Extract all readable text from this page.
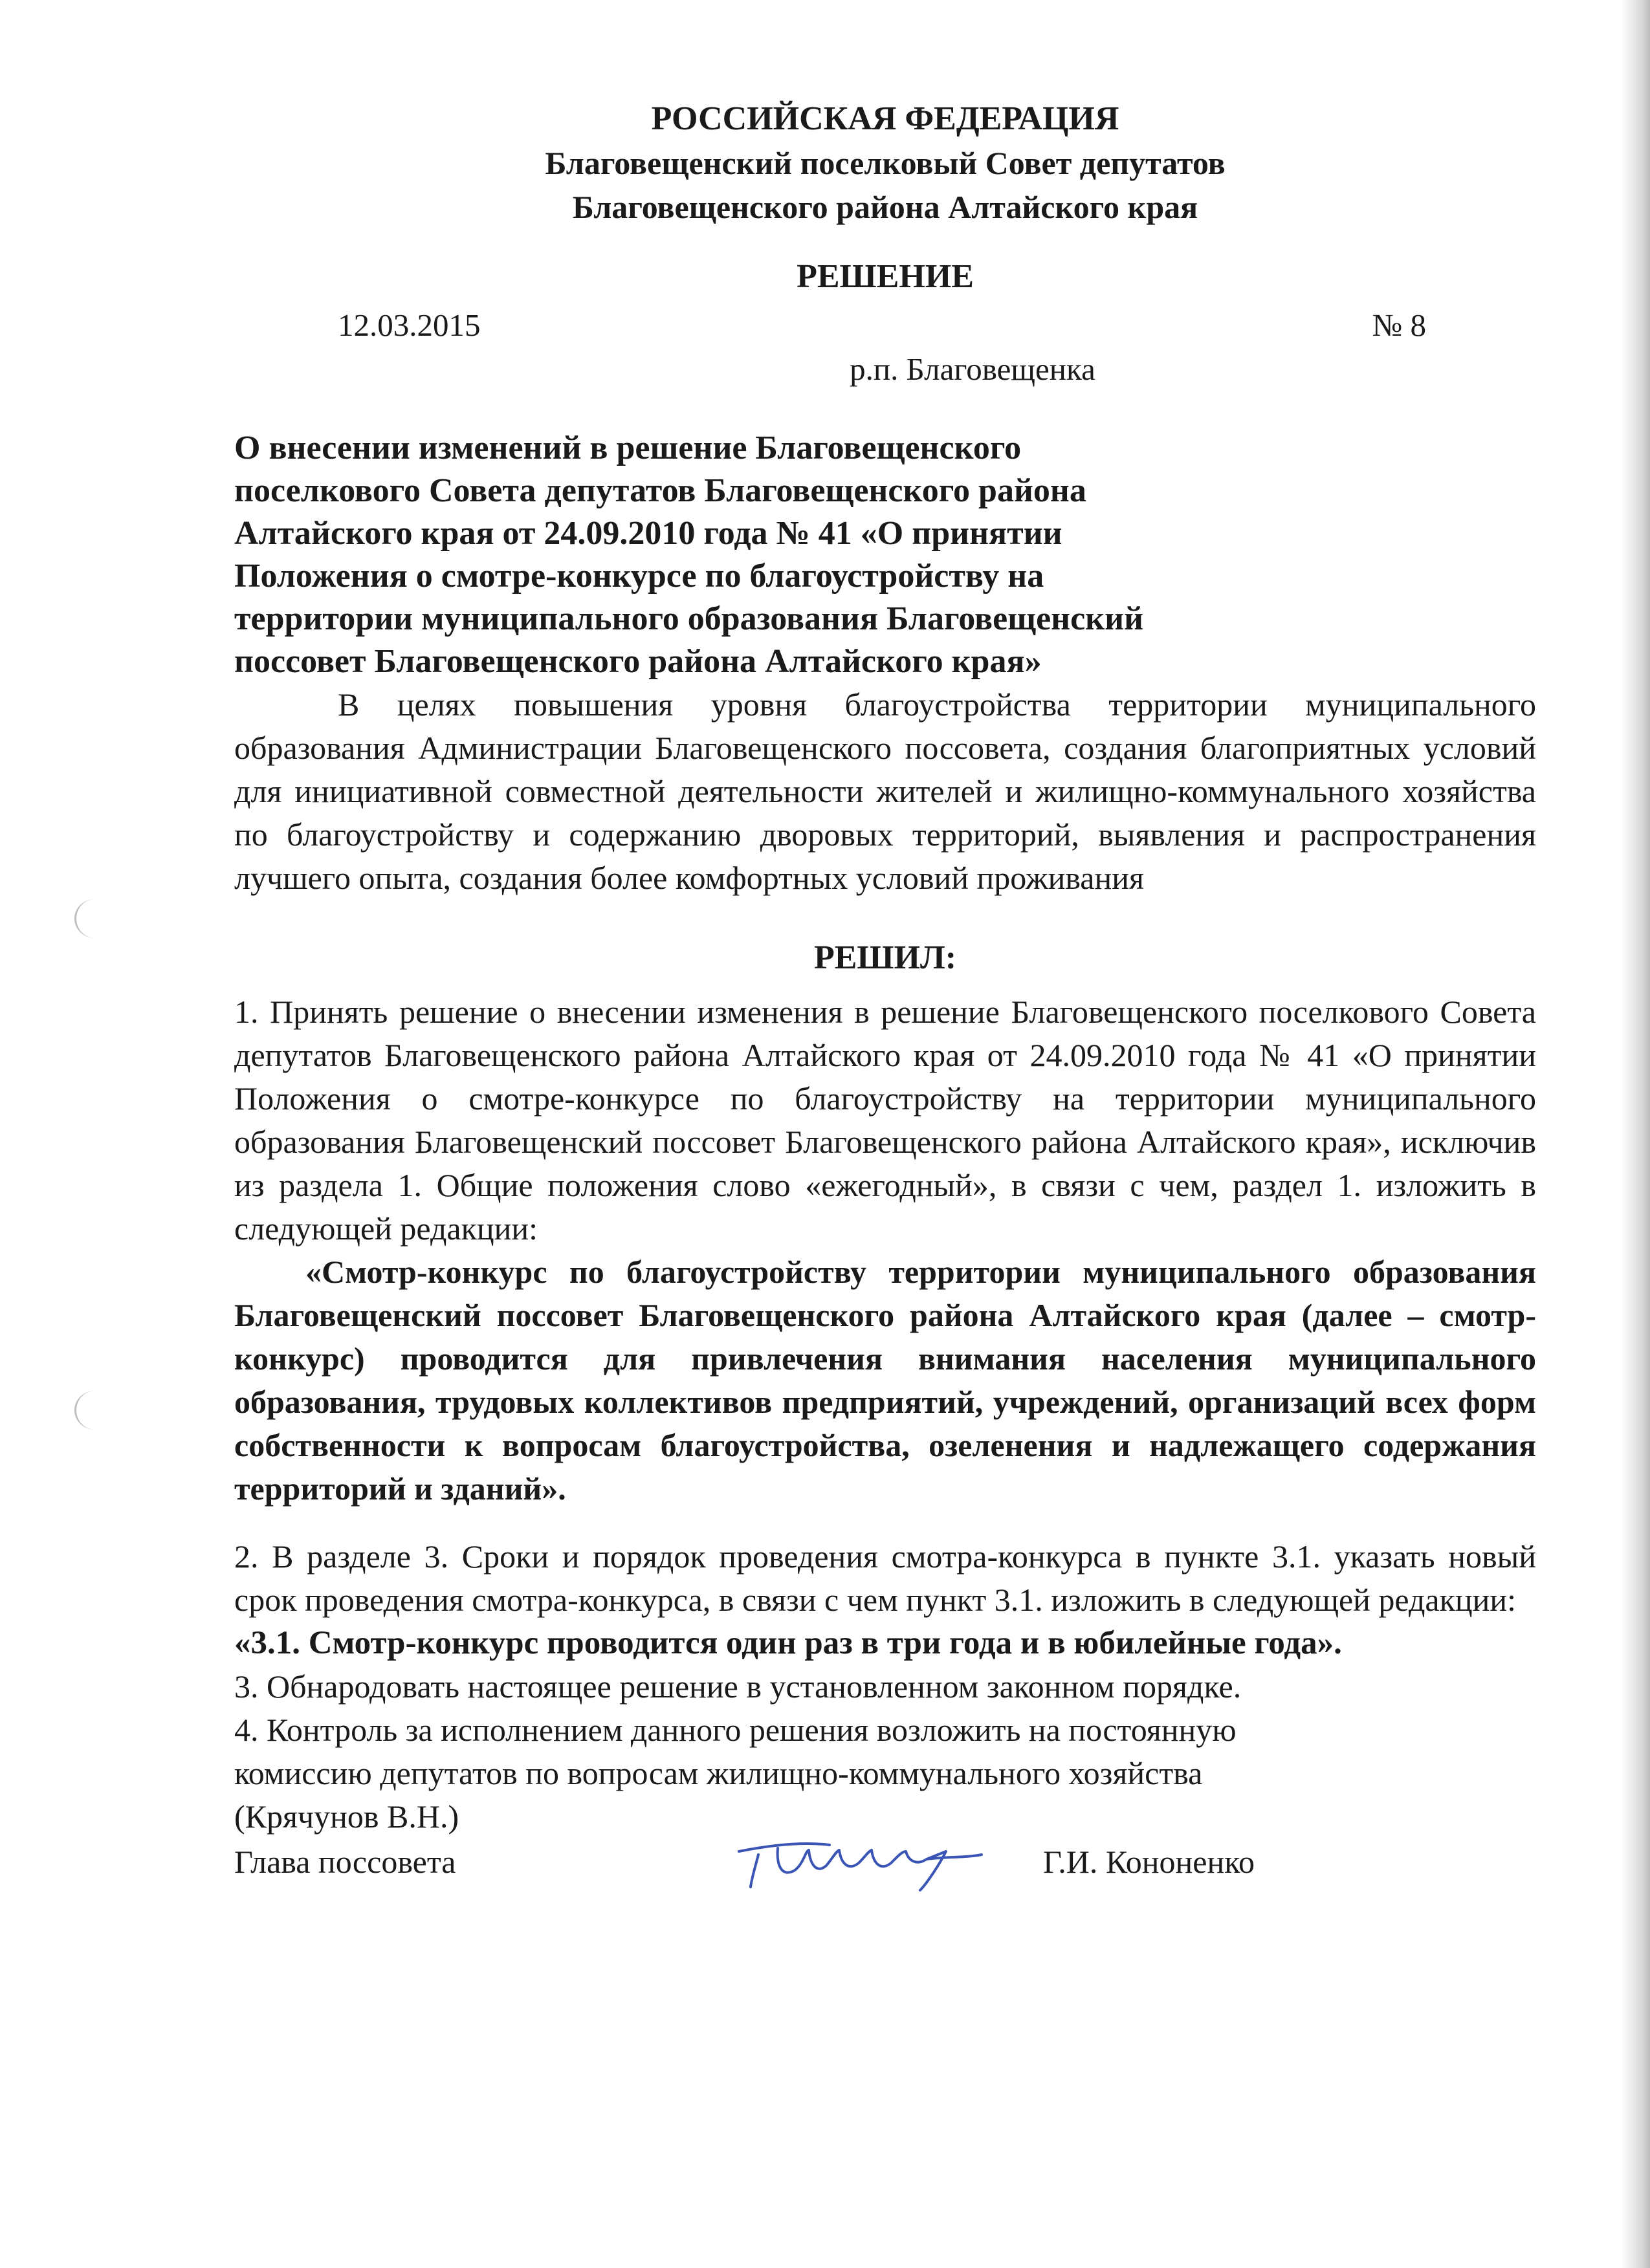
РОССИЙСКАЯ ФЕДЕРАЦИЯ
Благовещенский поселковый Совет депутатов
Благовещенского района Алтайского края
РЕШЕНИЕ
12.03.2015	№ 8
р.п. Благовещенка
О внесении изменений в решение Благовещенского
поселкового Совета депутатов Благовещенского района
Алтайского края от 24.09.2010 года № 41 «О принятии
Положения о смотре-конкурсе по благоустройству на
территории муниципального образования Благовещенский
поссовет Благовещенского района Алтайского края»
В целях повышения уровня благоустройства территории муниципального образования Администрации Благовещенского поссовета, создания благоприятных условий для инициативной совместной деятельности жителей и жилищно-коммунального хозяйства по благоустройству и содержанию дворовых территорий, выявления и распространения лучшего опыта, создания более комфортных условий проживания
РЕШИЛ:
1. Принять решение о внесении изменения в решение Благовещенского поселкового Совета депутатов Благовещенского района Алтайского края от 24.09.2010 года № 41 «О принятии Положения о смотре-конкурсе по благоустройству на территории муниципального образования Благовещенский поссовет Благовещенского района Алтайского края», исключив из раздела 1. Общие положения слово «ежегодный», в связи с чем, раздел 1. изложить в следующей редакции:
«Смотр-конкурс по благоустройству территории муниципального образования Благовещенский поссовет Благовещенского района Алтайского края (далее – смотр-конкурс) проводится для привлечения внимания населения муниципального образования, трудовых коллективов предприятий, учреждений, организаций всех форм собственности к вопросам благоустройства, озеленения и надлежащего содержания территорий и зданий».
2. В разделе 3. Сроки и порядок проведения смотра-конкурса в пункте 3.1. указать новый срок проведения смотра-конкурса, в связи с чем пункт 3.1. изложить в следующей редакции:
«3.1. Смотр-конкурс проводится один раз в три года и в юбилейные года».
3. Обнародовать настоящее решение в установленном законном порядке.
4. Контроль за исполнением данного решения возложить на постоянную
комиссию депутатов по вопросам жилищно-коммунального хозяйства
(Крячунов В.Н.)
Глава поссовета	Г.И. Кононенко
